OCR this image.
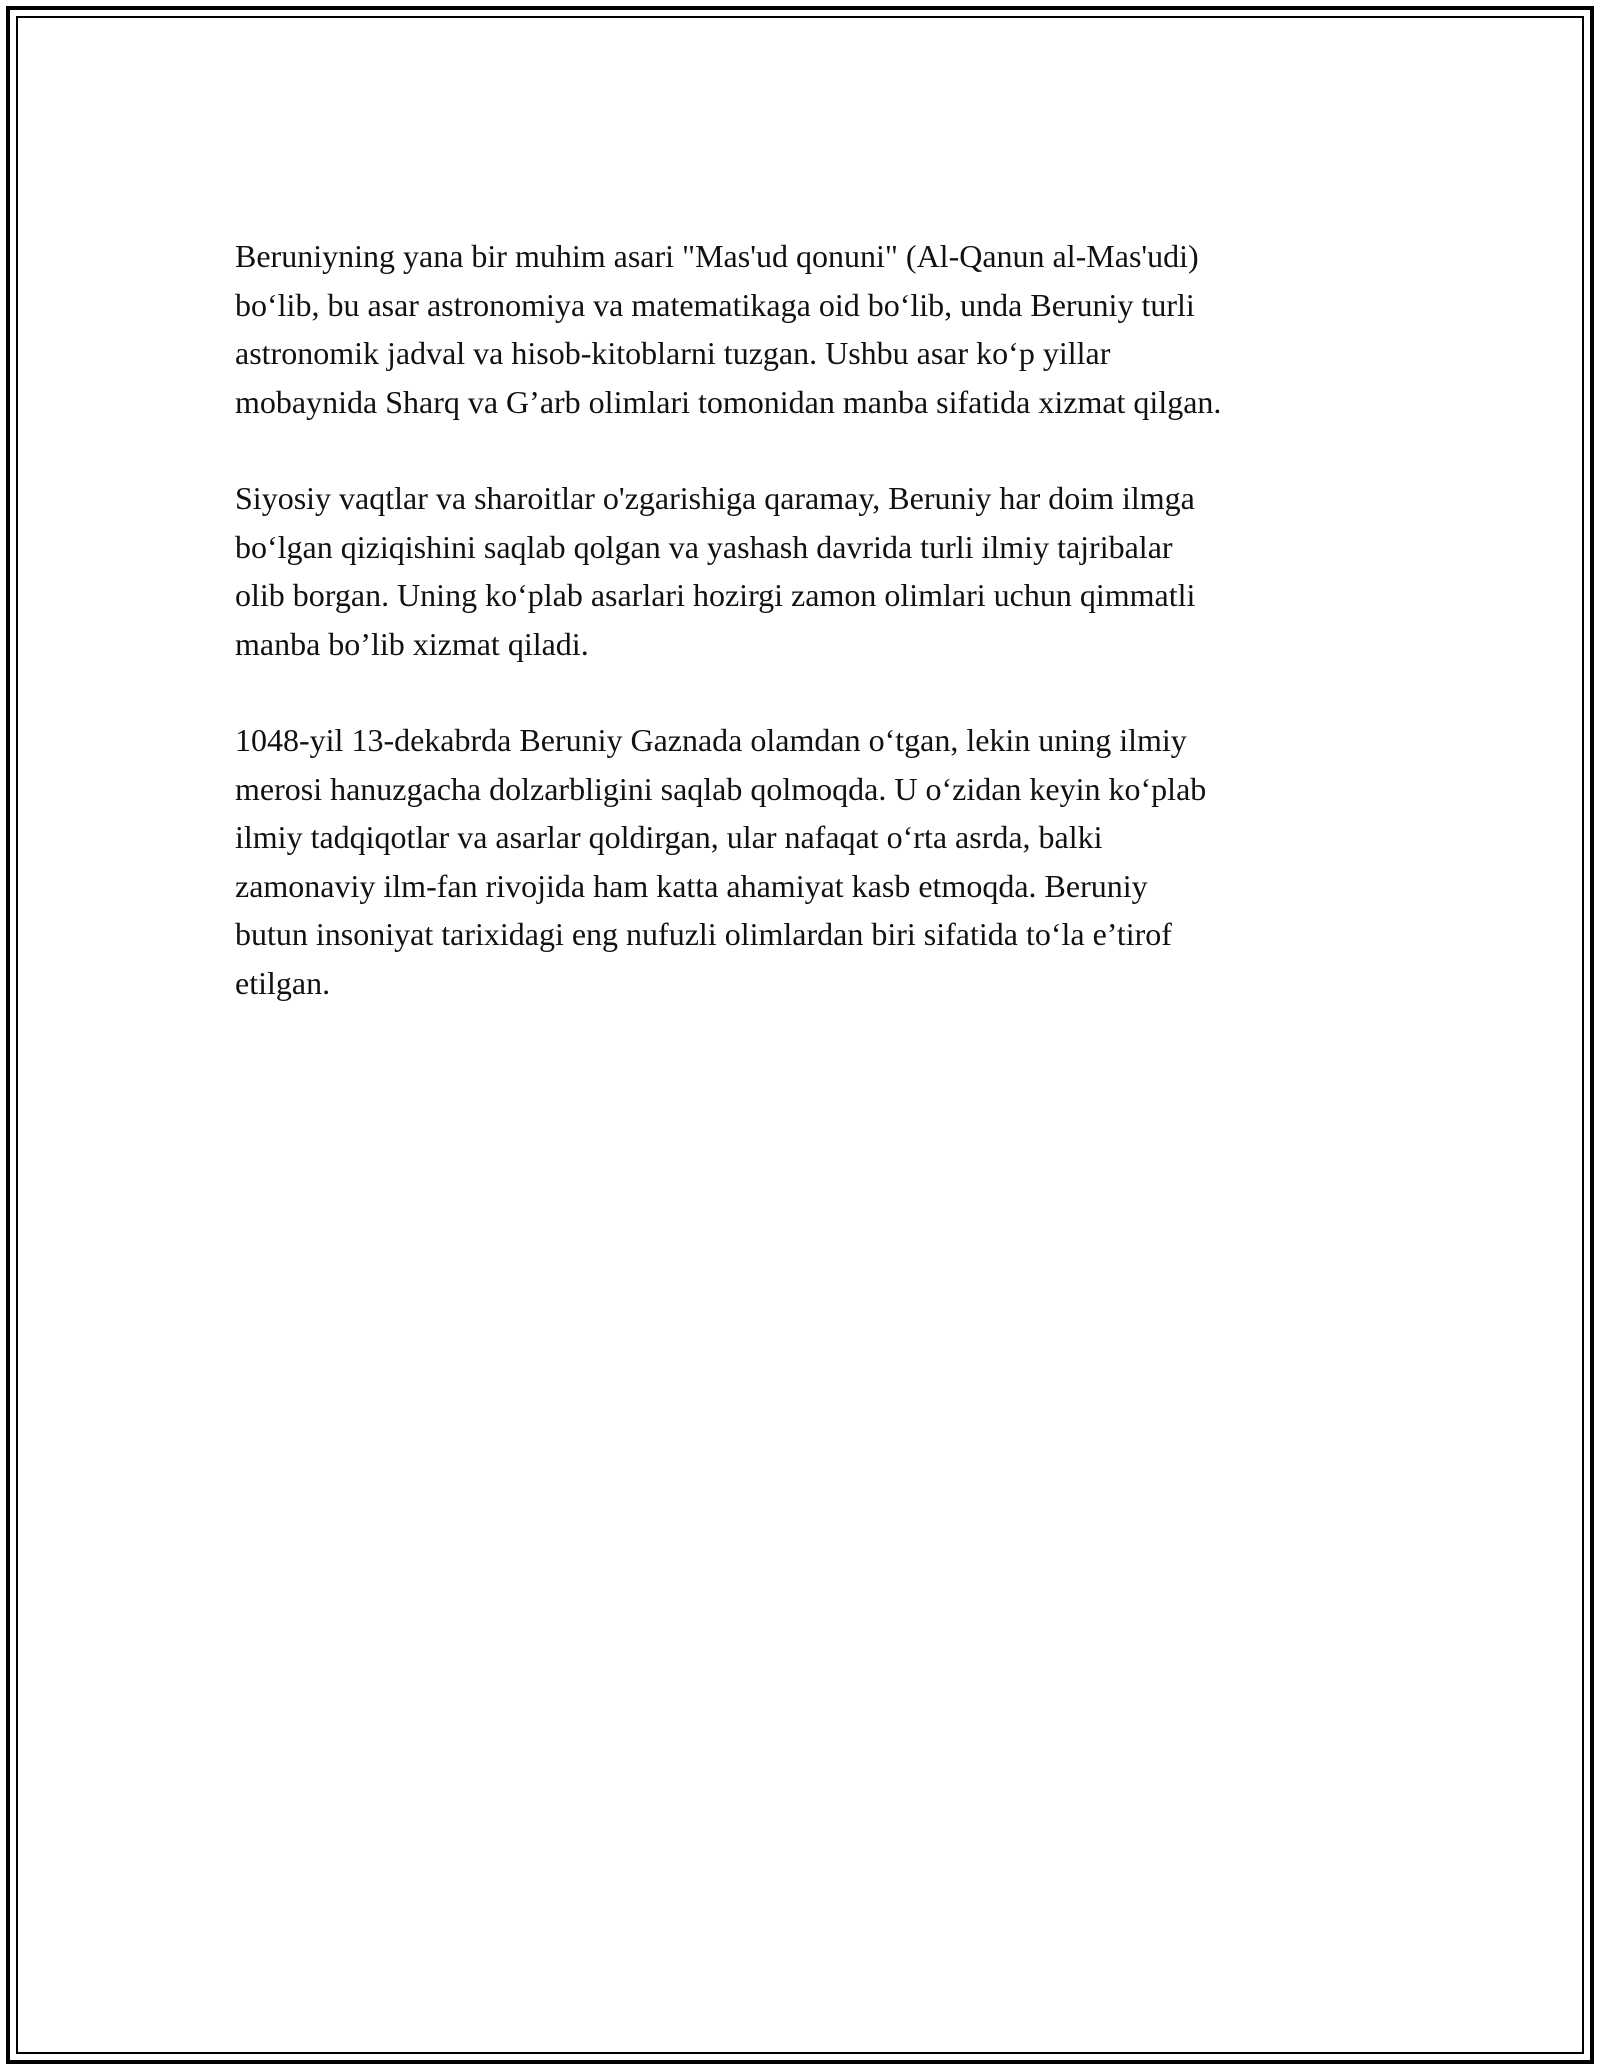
Beruniyning yana bir muhim asari "Mas'ud qonuni" (Al-Qanun al-Mas'udi)
bo‘lib, bu asar astronomiya va matematikaga oid bo‘lib, unda Beruniy turli
astronomik jadval va hisob-kitoblarni tuzgan. Ushbu asar ko‘p yillar
mobaynida Sharq va G’arb olimlari tomonidan manba sifatida xizmat qilgan.

Siyosiy vaqtlar va sharoitlar o'zgarishiga qaramay, Beruniy har doim ilmga
bo‘lgan qiziqishini saqlab qolgan va yashash davrida turli ilmiy tajribalar
olib borgan. Uning ko‘plab asarlari hozirgi zamon olimlari uchun qimmatli
manba bo’lib xizmat qiladi.

1048-yil 13-dekabrda Beruniy Gaznada olamdan o‘tgan, lekin uning ilmiy
merosi hanuzgacha dolzarbligini saqlab qolmoqda. U o‘zidan keyin ko‘plab
ilmiy tadqiqotlar va asarlar qoldirgan, ular nafaqat o‘rta asrda, balki
zamonaviy ilm-fan rivojida ham katta ahamiyat kasb etmoqda. Beruniy
butun insoniyat tarixidagi eng nufuzli olimlardan biri sifatida to‘la e’tirof
etilgan.
